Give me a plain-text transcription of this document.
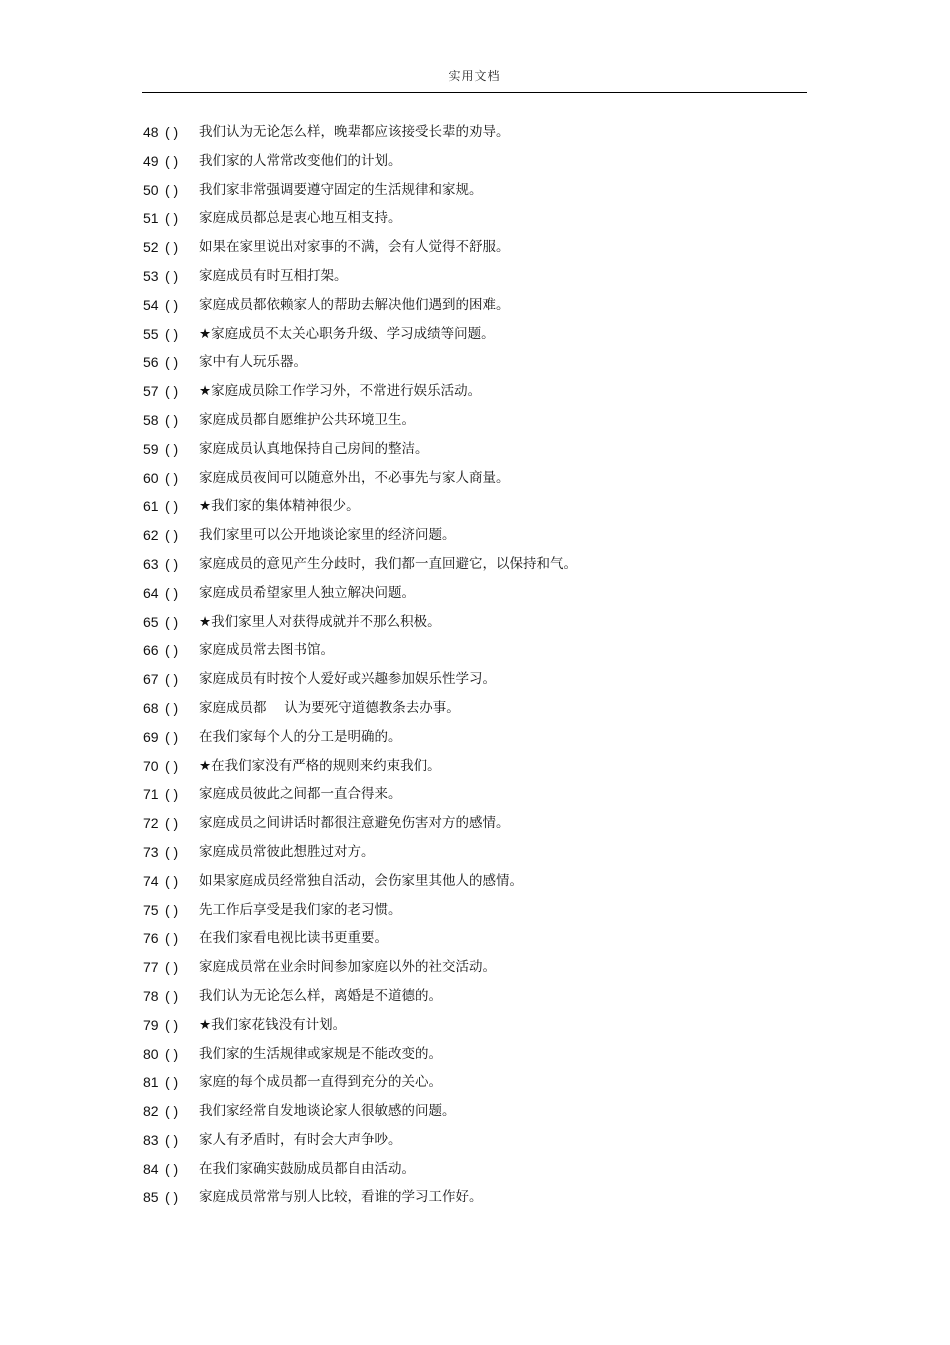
实用文档
48 ( )	我们认为无论怎么样，晚辈都应该接受长辈的劝导。
49 ( )	我们家的人常常改变他们的计划。
50 ( )	我们家非常强调要遵守固定的生活规律和家规。
51 ( )	家庭成员都总是衷心地互相支持。
52 ( )	如果在家里说出对家事的不满，会有人觉得不舒服。
53 ( )	家庭成员有时互相打架。
54 ( )	家庭成员都依赖家人的帮助去解决他们遇到的困难。
55 ( )	★家庭成员不太关心职务升级、学习成绩等问题。
56 ( )	家中有人玩乐器。
57 ( )	★家庭成员除工作学习外，不常进行娱乐活动。
58 ( )	家庭成员都自愿维护公共环境卫生。
59 ( )	家庭成员认真地保持自己房间的整洁。
60 ( )	家庭成员夜间可以随意外出，不必事先与家人商量。
61 ( )	★我们家的集体精神很少。
62 ( )	我们家里可以公开地谈论家里的经济问题。
63 ( )	家庭成员的意见产生分歧时，我们都一直回避它，以保持和气。
64 ( )	家庭成员希望家里人独立解决问题。
65 ( )	★我们家里人对获得成就并不那么积极。
66 ( )	家庭成员常去图书馆。
67 ( )	家庭成员有时按个人爱好或兴趣参加娱乐性学习。
68 ( )	家庭成员都　 认为要死守道德教条去办事。
69 ( )	在我们家每个人的分工是明确的。
70 ( )	★在我们家没有严格的规则来约束我们。
71 ( )	家庭成员彼此之间都一直合得来。
72 ( )	家庭成员之间讲话时都很注意避免伤害对方的感情。
73 ( )	家庭成员常彼此想胜过对方。
74 ( )	如果家庭成员经常独自活动，会伤家里其他人的感情。
75 ( )	先工作后享受是我们家的老习惯。
76 ( )	在我们家看电视比读书更重要。
77 ( )	家庭成员常在业余时间参加家庭以外的社交活动。
78 ( )	我们认为无论怎么样，离婚是不道德的。
79 ( )	★我们家花钱没有计划。
80 ( )	我们家的生活规律或家规是不能改变的。
81 ( )	家庭的每个成员都一直得到充分的关心。
82 ( )	我们家经常自发地谈论家人很敏感的问题。
83 ( )	家人有矛盾时，有时会大声争吵。
84 ( )	在我们家确实鼓励成员都自由活动。
85 ( )	家庭成员常常与别人比较，看谁的学习工作好。
